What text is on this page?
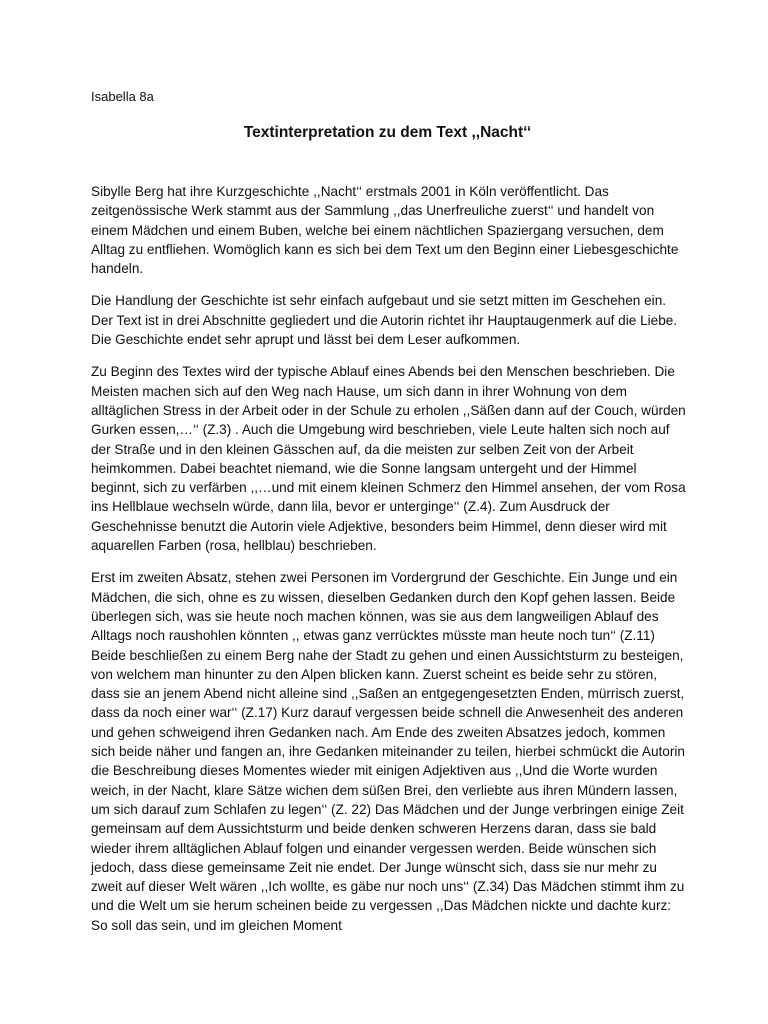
Isabella 8a
Textinterpretation zu dem Text ,,Nacht‘‘

Sibylle Berg hat ihre Kurzgeschichte ,,Nacht‘‘ erstmals 2001 in Köln veröffentlicht. Das zeitgenössische Werk stammt aus der Sammlung ,,das Unerfreuliche zuerst‘‘ und handelt von einem Mädchen und einem Buben, welche bei einem nächtlichen Spaziergang versuchen, dem Alltag zu entfliehen. Womöglich kann es sich bei dem Text um den Beginn einer Liebesgeschichte handeln.

Die Handlung der Geschichte ist sehr einfach aufgebaut und sie setzt mitten im Geschehen ein. Der Text ist in drei Abschnitte gegliedert und die Autorin richtet ihr Hauptaugenmerk auf die Liebe. Die Geschichte endet sehr aprupt und lässt bei dem Leser aufkommen.

Zu Beginn des Textes wird der typische Ablauf eines Abends bei den Menschen beschrieben. Die Meisten machen sich auf den Weg nach Hause, um sich dann in ihrer Wohnung von dem alltäglichen Stress in der Arbeit oder in der Schule zu erholen ,,Säßen dann auf der Couch, würden Gurken essen,…‘‘ (Z.3) . Auch die Umgebung wird beschrieben, viele Leute halten sich noch auf der Straße und in den kleinen Gässchen auf, da die meisten zur selben Zeit von der Arbeit heimkommen. Dabei beachtet niemand, wie die Sonne langsam untergeht und der Himmel beginnt, sich zu verfärben ,,…und mit einem kleinen Schmerz den Himmel ansehen, der vom Rosa ins Hellblaue wechseln würde, dann lila, bevor er unterginge‘‘ (Z.4). Zum Ausdruck der Geschehnisse benutzt die Autorin viele Adjektive, besonders beim Himmel, denn dieser wird mit aquarellen Farben (rosa, hellblau) beschrieben.

Erst im zweiten Absatz, stehen zwei Personen im Vordergrund der Geschichte. Ein Junge und ein Mädchen, die sich, ohne es zu wissen, dieselben Gedanken durch den Kopf gehen lassen. Beide überlegen sich, was sie heute noch machen können, was sie aus dem langweiligen Ablauf des Alltags noch raushohlen könnten ,, etwas ganz verrücktes müsste man heute noch tun‘‘ (Z.11) Beide beschließen zu einem Berg nahe der Stadt zu gehen und einen Aussichtsturm zu besteigen, von welchem man hinunter zu den Alpen blicken kann. Zuerst scheint es beide sehr zu stören, dass sie an jenem Abend nicht alleine sind ,,Saßen an entgegengesetzten Enden, mürrisch zuerst, dass da noch einer war‘‘ (Z.17) Kurz darauf vergessen beide schnell die Anwesenheit des anderen und gehen schweigend ihren Gedanken nach. Am Ende des zweiten Absatzes jedoch, kommen sich beide näher und fangen an, ihre Gedanken miteinander zu teilen, hierbei schmückt die Autorin die Beschreibung dieses Momentes wieder mit einigen Adjektiven aus ,,Und die Worte wurden weich, in der Nacht, klare Sätze wichen dem süßen Brei, den verliebte aus ihren Mündern lassen, um sich darauf zum Schlafen zu legen‘‘ (Z. 22) Das Mädchen und der Junge verbringen einige Zeit gemeinsam auf dem Aussichtsturm und beide denken schweren Herzens daran, dass sie bald wieder ihrem alltäglichen Ablauf folgen und einander vergessen werden. Beide wünschen sich jedoch, dass diese gemeinsame Zeit nie endet. Der Junge wünscht sich, dass sie nur mehr zu zweit auf dieser Welt wären ,,Ich wollte, es gäbe nur noch uns‘‘ (Z.34) Das Mädchen stimmt ihm zu und die Welt um sie herum scheinen beide zu vergessen ,,Das Mädchen nickte und dachte kurz: So soll das sein, und im gleichen Moment
